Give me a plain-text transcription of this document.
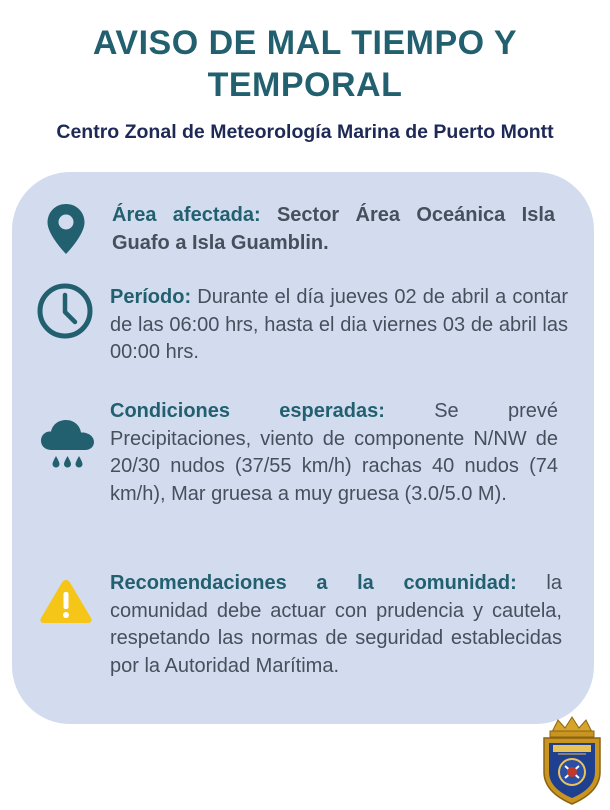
AVISO DE MAL TIEMPO Y TEMPORAL
Centro Zonal de Meteorología Marina de Puerto Montt
Área afectada: Sector Área Oceánica Isla Guafo a Isla Guamblin.
Período: Durante el día jueves 02 de abril a contar de las 06:00 hrs, hasta el dia viernes 03 de abril las 00:00 hrs.
Condiciones esperadas: Se prevé Precipitaciones, viento de componente N/NW de 20/30 nudos (37/55 km/h) rachas 40 nudos (74 km/h), Mar gruesa a muy gruesa (3.0/5.0 M).
Recomendaciones a la comunidad: la comunidad debe actuar con prudencia y cautela, respetando las normas de seguridad establecidas por la Autoridad Marítima.
